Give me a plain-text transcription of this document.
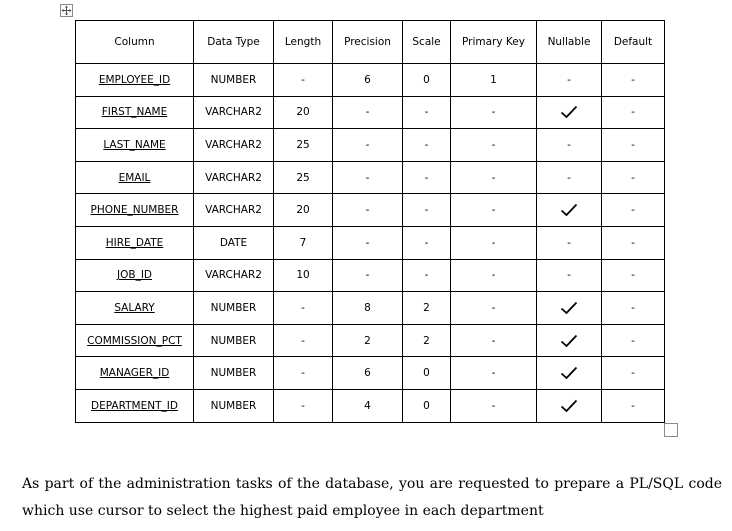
Column	Data Type	Length	Precision	Scale	Primary Key	Nullable	Default
EMPLOYEE_ID	NUMBER	-	6	0	1	-	-
FIRST_NAME	VARCHAR2	20	-	-	-		-
LAST_NAME	VARCHAR2	25	-	-	-	-	-
EMAIL	VARCHAR2	25	-	-	-	-	-
PHONE_NUMBER	VARCHAR2	20	-	-	-		-
HIRE_DATE	DATE	7	-	-	-	-	-
JOB_ID	VARCHAR2	10	-	-	-	-	-
SALARY	NUMBER	-	8	2	-		-
COMMISSION_PCT	NUMBER	-	2	2	-		-
MANAGER_ID	NUMBER	-	6	0	-		-
DEPARTMENT_ID	NUMBER	-	4	0	-		-

As part of the administration tasks of the database, you are requested to prepare a PL/SQL code which use cursor to select the highest paid employee in each department
